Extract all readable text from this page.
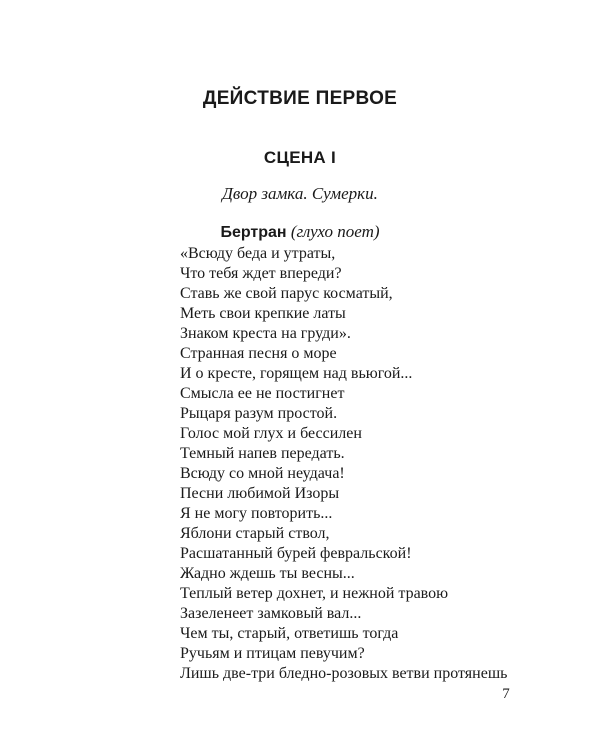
ДЕЙСТВИЕ ПЕРВОЕ
СЦЕНА I
Двор замка. Сумерки.
Бертран (глухо поет)
«Всюду беда и утраты,
Что тебя ждет впереди?
Ставь же свой парус косматый,
Меть свои крепкие латы
Знаком креста на груди».
Странная песня о море
И о кресте, горящем над вьюгой...
Смысла ее не постигнет
Рыцаря разум простой.
Голос мой глух и бессилен
Темный напев передать.
Всюду со мной неудача!
Песни любимой Изоры
Я не могу повторить...
Яблони старый ствол,
Расшатанный бурей февральской!
Жадно ждешь ты весны...
Теплый ветер дохнет, и нежной травою
Зазеленеет замковый вал...
Чем ты, старый, ответишь тогда
Ручьям и птицам певучим?
Лишь две-три бледно-розовых ветви протянешь
7
